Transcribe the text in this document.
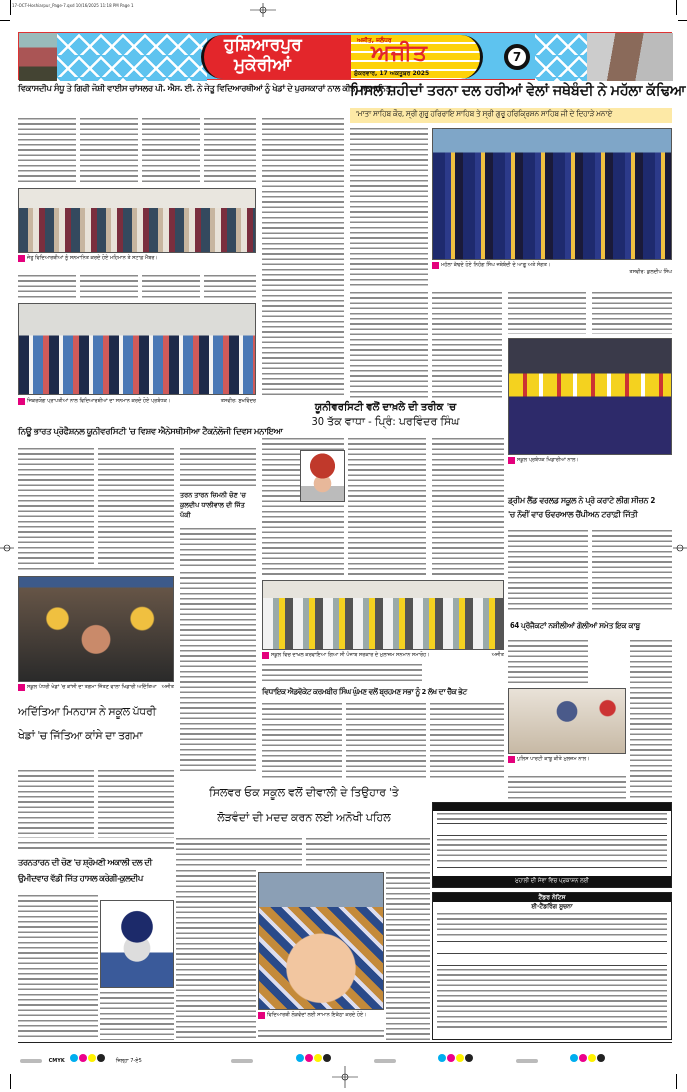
17-OCT-Hoshiarpur_Page-7.qxd 10/16/2025 11:18 PM Page 1
ਹੁਸ਼ਿਆਰਪੁਰ
ਮੁਕੇਰੀਆਂ
ਅਜੀਤ, ਜਲੰਧਰ
ਅਜੀਤ
ਸ਼ੁੱਕਰਵਾਰ, 17 ਅਕਤੂਬਰ 2025
7
ਵਿਕਾਸਦੀਪ ਸੰਧੂ ਤੇ ਗਿਰੀ ਜੋਸ਼ੀ ਵਾਈਸ ਚਾਂਸਲਰ ਪੀ. ਐਸ. ਈ. ਨੇ ਜੇਤੂ ਵਿਦਿਆਰਥੀਆਂ ਨੂੰ ਖੇਡਾਂ ਦੇ ਪੁਰਸਕਾਰਾਂ ਨਾਲ ਕੀਤਾ ਸਨਮਾਨਿਤ
ਮਿਸਲ ਸ਼ਹੀਦਾਂ ਤਰਨਾ ਦਲ ਹਰੀਆਂ ਵੇਲਾਂ ਜਥੇਬੰਦੀ ਨੇ ਮਹੱਲਾ ਕੱਢਿਆ
'ਮਾਤਾ ਸਾਹਿਬ ਕੌਰ, ਸ੍ਰੀ ਗੁਰੂ ਹਰਿਰਾਇ ਸਾਹਿਬ ਤੇ ਸ੍ਰੀ ਗੁਰੂ ਹਰਿਕ੍ਰਿਸ਼ਨ ਸਾਹਿਬ ਜੀ ਦੇ ਦਿਹਾੜੇ ਮਨਾਏ
ਜੇਤੂ ਵਿਦਿਆਰਥੀਆਂ ਨੂੰ ਸਨਮਾਨਿਤ ਕਰਦੇ ਹੋਏ ਮਹਿਮਾਨ ਤੇ ਸਟਾਫ਼ ਮੈਂਬਰ।
ਜਿਕਰਯੋਗ ਪ੍ਰਾਪਤੀਆਂ ਨਾਲ ਵਿਦਿਆਰਥੀਆਂ ਦਾ ਸਨਮਾਨ ਕਰਦੇ ਹੋਏ ਪ੍ਰਬੰਧਕ।	ਤਸਵੀਰ: ਸੁਖਵਿੰਦਰ
ਮਹੱਲਾ ਕੱਢਦੇ ਹੋਏ ਨਿਹੰਗ ਸਿੰਘ ਜਥੇਬੰਦੀ ਦੇ ਆਗੂ ਅਤੇ ਸੰਗਤ।

ਤਸਵੀਰ: ਕੁਲਦੀਪ ਸਿੰਘ
ਸਕੂਲ ਪ੍ਰਬੰਧਕ ਖਿਡਾਰੀਆਂ ਨਾਲ।
ਨਿਊ ਭਾਰਤ ਪ੍ਰੋਫੈਸ਼ਨਲ ਯੂਨੀਵਰਸਿਟੀ 'ਚ ਵਿਸ਼ਵ ਐਨੇਸਥੀਸੀਆ ਟੈਕਨੋਲੋਜੀ ਦਿਵਸ ਮਨਾਇਆ
ਤਰਨ ਤਾਰਨ ਜ਼ਿਮਨੀ ਚੋਣ 'ਚ ਕੁਲਦੀਪ ਧਾਲੀਵਾਲ ਦੀ ਜਿੱਤ ਪੱਕੀ
ਯੂਨੀਵਰਸਿਟੀ ਵਲੋਂ ਦਾਖ਼ਲੇ ਦੀ ਤਰੀਕ 'ਚ
30 ਤੱਕ ਵਾਧਾ - ਪ੍ਰਿੰ: ਪਰਵਿੰਦਰ ਸਿੰਘ
ਡ੍ਰੀਮ ਲੈਂਡ ਵਰਲਡ ਸਕੂਲ ਨੇ ਪ੍ਰੋ ਕਰਾਟੇ ਲੀਗ ਸੀਜ਼ਨ 2
'ਚ ਨੌਵੀਂ ਵਾਰ ਓਵਰਆਲ ਚੈਂਪੀਅਨ ਟਰਾਫ਼ੀ ਜਿੱਤੀ
ਸਕੂਲ ਪੱਧਰੀ ਖੇਡਾਂ 'ਚ ਕਾਂਸੀ ਦਾ ਤਗਮਾ ਜਿੱਤਣ ਵਾਲਾ ਖਿਡਾਰੀ ਅਦਿੱਤਿਆ ਅਜੀਤ
ਅਦਿੱਤਿਆ ਮਿਨਹਾਸ ਨੇ ਸਕੂਲ ਪੱਧਰੀ
ਖੇਡਾਂ 'ਚ ਜਿੱਤਿਆ ਕਾਂਸੇ ਦਾ ਤਗਮਾ
ਸਕੂਲ ਵਿਚ ਦਾਖ਼ਲ ਕਰਵਾਇਆ ਗਿਆ ਸੀ ਪੰਜਾਬ ਸਰਕਾਰ ਦੇ ਮੁਲਾਜ਼ਮ ਸਨਮਾਨ ਸਮਾਰੋਹ।	ਅਜੀਤ
ਵਿਧਾਇਕ ਐਡਵੋਕੇਟ ਕਰਮਬੀਰ ਸਿੰਘ ਘੁੰਮਣ ਵਲੋਂ ਬ੍ਰਹਮਣ ਸਭਾ ਨੂੰ 2 ਲੱਖ ਦਾ ਚੈੱਕ ਭੇਟ
64 ਪ੍ਰੋਜੈਕਟਾਂ ਨਸ਼ੀਲੀਆਂ ਗੋਲੀਆਂ ਸਮੇਤ ਇਕ ਕਾਬੂ
ਪੁਲਿਸ ਪਾਰਟੀ ਕਾਬੂ ਕੀਤੇ ਮੁਲਜ਼ਮ ਨਾਲ।
ਸਿਲਵਰ ਓਕ ਸਕੂਲ ਵਲੋਂ ਦੀਵਾਲੀ ਦੇ ਤਿਉਹਾਰ 'ਤੇ
ਲੋੜਵੰਦਾਂ ਦੀ ਮਦਦ ਕਰਨ ਲਈ ਅਨੋਖੀ ਪਹਿਲ
ਵਿਦਿਆਰਥੀ ਲੋੜਵੰਦਾਂ ਲਈ ਸਾਮਾਨ ਇਕੱਠਾ ਕਰਦੇ ਹੋਏ।
ਤਰਨਤਾਰਨ ਦੀ ਚੋਣ 'ਚ ਸ਼੍ਰੋਮਣੀ ਅਕਾਲੀ ਦਲ ਦੀ
ਉਮੀਦਵਾਰ ਵੱਡੀ ਜਿੱਤ ਹਾਸਲ ਕਰੇਗੀ-ਕੁਲਦੀਪ	ਮੁਹਾਲੀ ਦੀ ਸੇਵਾ ਵਿਚ ਪ੍ਰਕਾਸ਼ਨ ਲਈ
ਟੈਂਡਰ ਨੋਟਿਸ
ਈ-ਟੈਂਡਰਿੰਗ ਸੂਚਨਾ
CMYK	ਜਿਲ੍ਹਾ 7-ਏ5
